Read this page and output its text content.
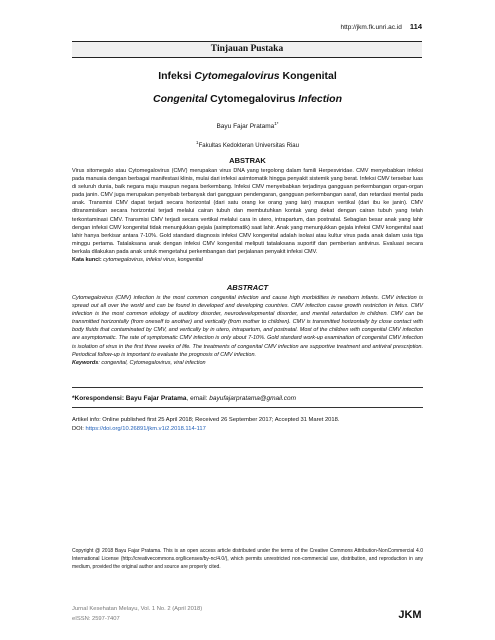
http://jkm.fk.unri.ac.id 114
Tinjauan Pustaka
Infeksi Cytomegalovirus Kongenital
Congenital Cytomegalovirus Infection
Bayu Fajar Pratama$^{1*}$
$^1$Fakultas Kedokteran Universitas Riau
ABSTRAK
Virus sitomegalo atau Cytomegalovirus (CMV) merupakan virus DNA yang tergolong dalam famili Herpesviridae. CMV menyebabkan infeksi pada manusia dengan berbagai manifestasi klinis, mulai dari infeksi asimtomatik hingga penyakit sistemik yang berat. Infeksi CMV tersebar luas di seluruh dunia, baik negara maju maupun negara berkembang. Infeksi CMV menyebabkan terjadinya gangguan perkembangan organ-organ pada janin. CMV juga merupakan penyebab terbanyak dari gangguan pendengaran, gangguan perkembangan saraf, dan retardasi mental pada anak. Transmisi CMV dapat terjadi secara horizontal (dari satu orang ke orang yang lain) maupun vertikal (dari ibu ke janin). CMV ditransmisikan secara horizontal terjadi melalui cairan tubuh dan membutuhkan kontak yang dekat dengan cairan tubuh yang telah terkontaminasi CMV. Transmisi CMV terjadi secara vertikal melalui cara in utero, intrapartum, dan postnatal. Sebagian besar anak yang lahir dengan infeksi CMV kongenital tidak menunjukkan gejala (asimptomatik) saat lahir. Anak yang menunjukkan gejala infeksi CMV kongenital saat lahir hanya berkisar antara 7-10%. Gold standard diagnosis infeksi CMV kongenital adalah isolasi atau kultur virus pada anak dalam usia tiga minggu pertama. Tatalaksana anak dengan infeksi CMV kongenital meliputi tatalaksana suportif dan pemberian antivirus. Evaluasi secara berkala dilakukan pada anak untuk mengetahui perkembangan dari perjalanan penyakit infeksi CMV.
Kata kunci: cytomegalovirus, infeksi virus, kongenital
ABSTRACT
Cytomegalovirus (CMV) infection is the most common congenital infection and cause high morbidities in newborn infants. CMV infection is spread out all over the world and can be found in developed and developing countries. CMV infection cause growth restriction in fetus. CMV infection is the most common etiology of auditory disorder, neurodevelopmental disorder, and mental retardation in children. CMV can be transmitted horizontally (from oneself to another) and vertically (from mother to children). CMV is transmitted horizontally by close contact with body fluids that contaminated by CMV, and vertically by in utero, intrapartum, and postnatal. Most of the children with congenital CMV infection are asymptomatic. The rate of symptomatic CMV infection is only about 7-10%. Gold standard work-up examination of congenital CMV infection is isolation of virus in the first three weeks of life. The treatments of congenital CMV infection are supportive treatment and antiviral prescription. Periodical follow-up is important to evaluate the prognosis of CMV infection.
Keywords: congenital, Cytomegalovirus, viral infection
*Korespondensi: Bayu Fajar Pratama, email: bayufajarpratama@gmail.com
Artikel info: Online published first 25 April 2018; Received 26 September 2017; Accepted 31 Maret 2018.
DOI: https://doi.org/10.26891/jkm.v1i2.2018.114-117
Copyright @ 2018 Bayu Fajar Pratama. This is an open access article distributed under the terms of the Creative Commons Attribution-NonCommercial 4.0 International License (http://creativecommons.org/licenses/by-nc/4.0/), which permits unrestricted non-commercial use, distribution, and reproduction in any medium, provided the original author and source are properly cited.
Jurnal Kesehatan Melayu, Vol. 1 No. 2 (April 2018)
eISSN: 2597-7407	JKM
